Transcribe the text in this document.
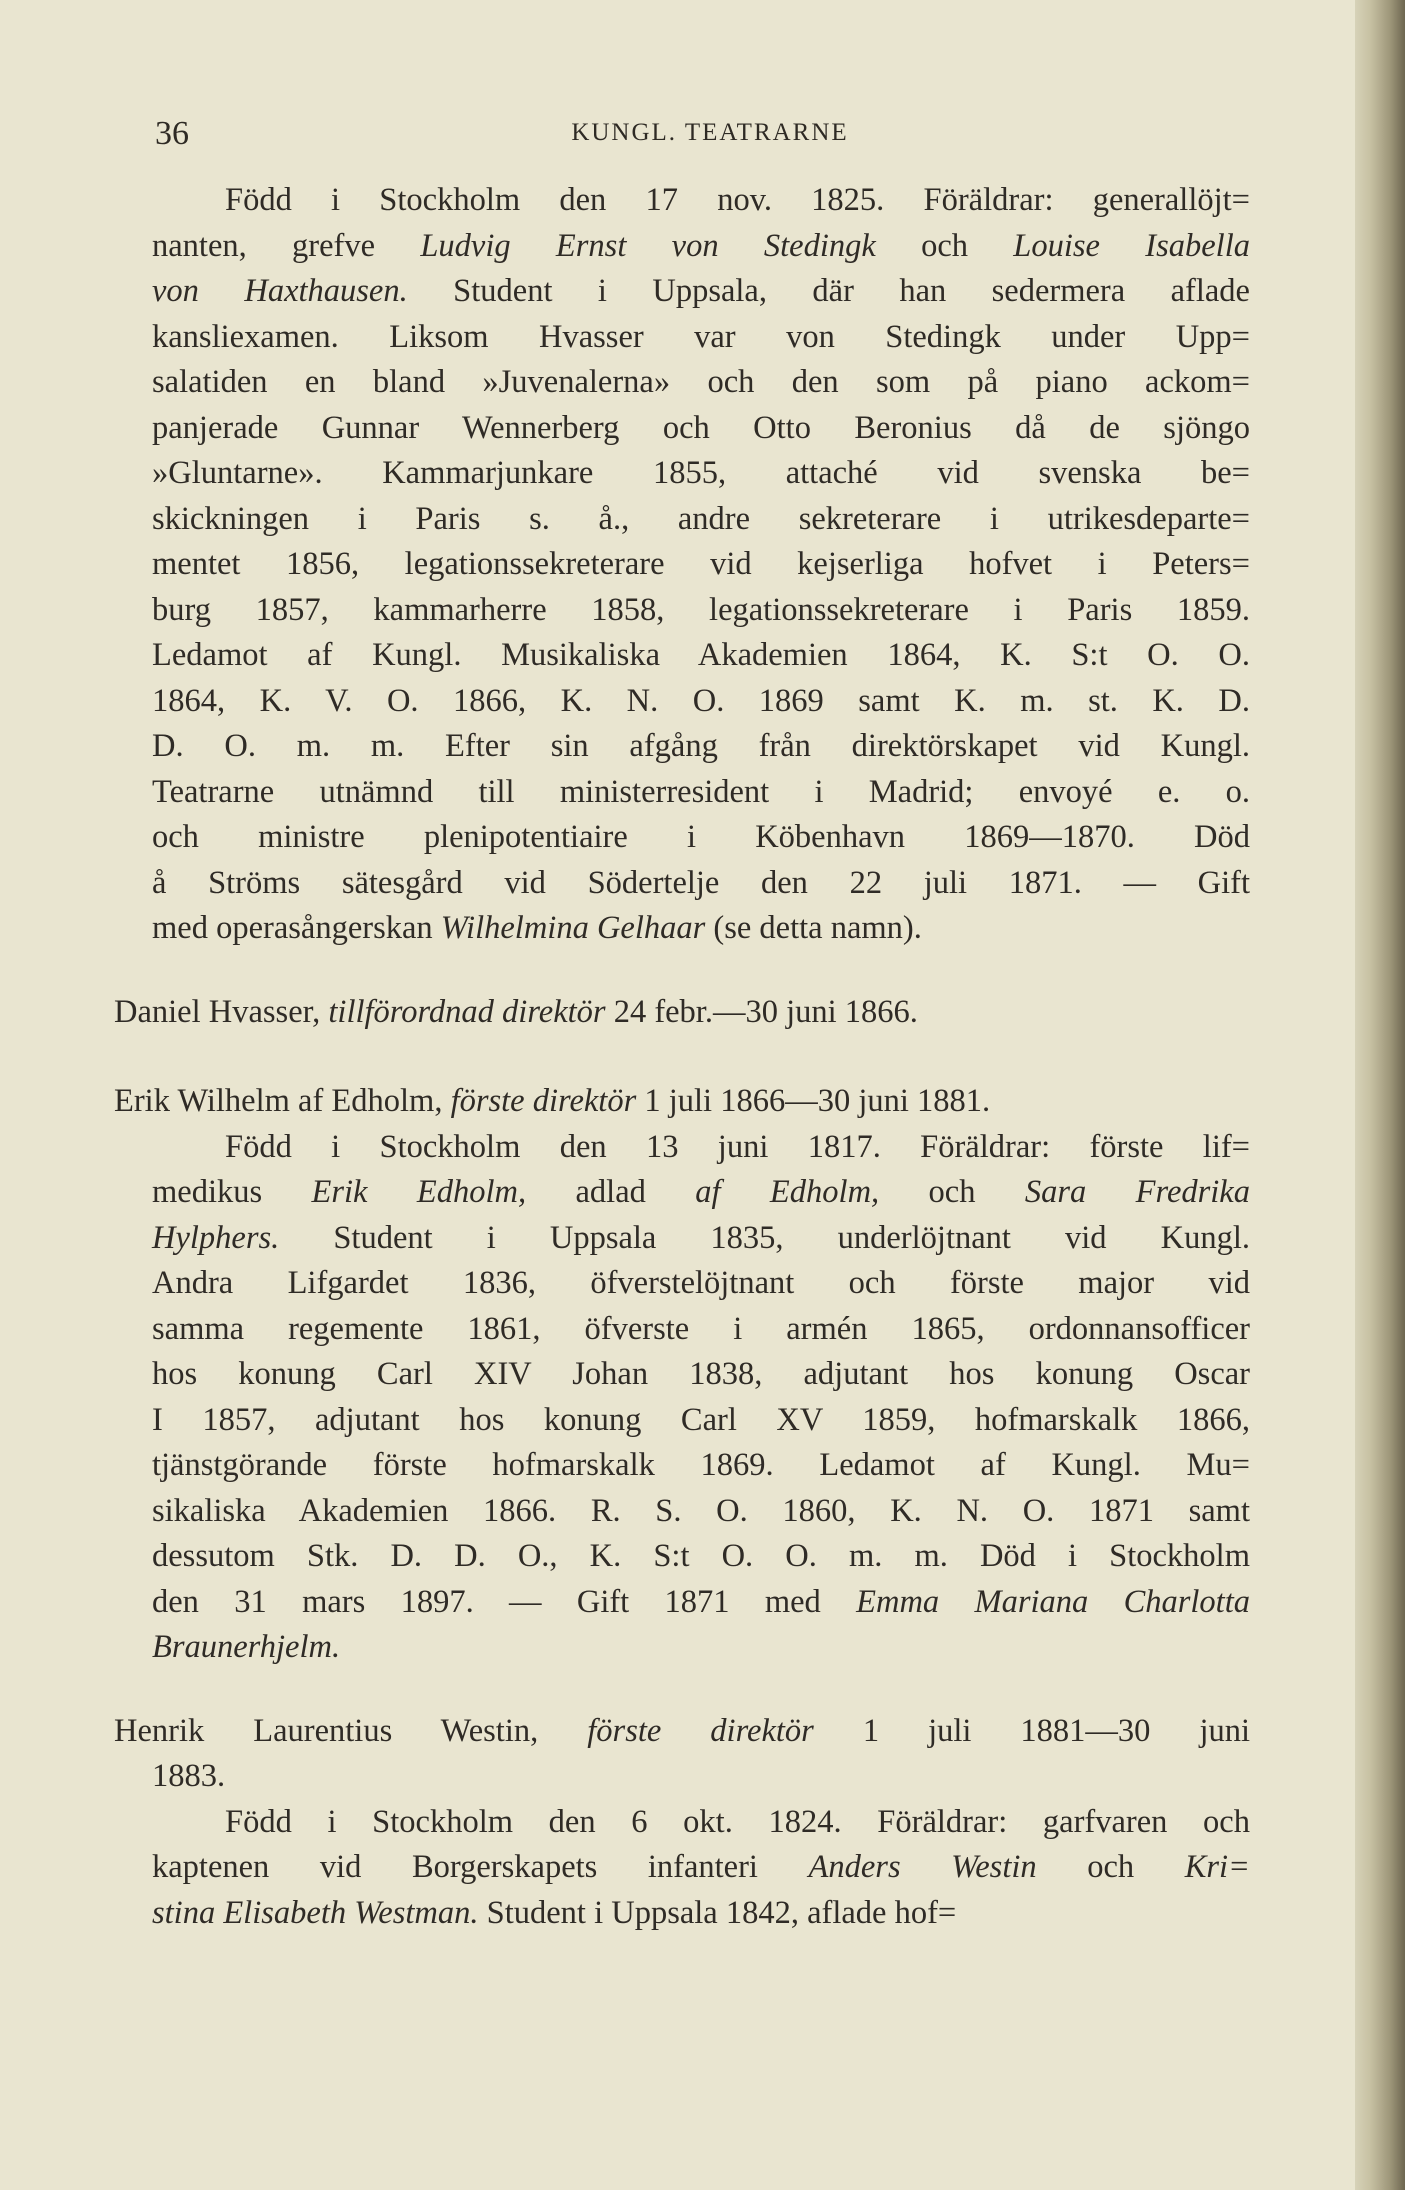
36	KUNGL. TEATRARNE
Född i Stockholm den 17 nov. 1825. Föräldrar: generallöjt=
nanten, grefve Ludvig Ernst von Stedingk och Louise Isabella
von Haxthausen. Student i Uppsala, där han sedermera aflade
kansliexamen. Liksom Hvasser var von Stedingk under Upp=
salatiden en bland »Juvenalerna» och den som på piano ackom=
panjerade Gunnar Wennerberg och Otto Beronius då de sjöngo
»Gluntarne». Kammarjunkare 1855, attaché vid svenska be=
skickningen i Paris s. å., andre sekreterare i utrikesdeparte=
mentet 1856, legationssekreterare vid kejserliga hofvet i Peters=
burg 1857, kammarherre 1858, legationssekreterare i Paris 1859.
Ledamot af Kungl. Musikaliska Akademien 1864, K. S:t O. O.
1864, K. V. O. 1866, K. N. O. 1869 samt K. m. st. K. D.
D. O. m. m. Efter sin afgång från direktörskapet vid Kungl.
Teatrarne utnämnd till ministerresident i Madrid; envoyé e. o.
och ministre plenipotentiaire i Köbenhavn 1869—1870. Död
å Ströms sätesgård vid Södertelje den 22 juli 1871. — Gift
med operasångerskan Wilhelmina Gelhaar (se detta namn).
Daniel Hvasser, tillförordnad direktör 24 febr.—30 juni 1866.
Erik Wilhelm af Edholm, förste direktör 1 juli 1866—30 juni 1881.
Född i Stockholm den 13 juni 1817. Föräldrar: förste lif=
medikus Erik Edholm, adlad af Edholm, och Sara Fredrika
Hylphers. Student i Uppsala 1835, underlöjtnant vid Kungl.
Andra Lifgardet 1836, öfverstelöjtnant och förste major vid
samma regemente 1861, öfverste i armén 1865, ordonnansofficer
hos konung Carl XIV Johan 1838, adjutant hos konung Oscar
I 1857, adjutant hos konung Carl XV 1859, hofmarskalk 1866,
tjänstgörande förste hofmarskalk 1869. Ledamot af Kungl. Mu=
sikaliska Akademien 1866. R. S. O. 1860, K. N. O. 1871 samt
dessutom Stk. D. D. O., K. S:t O. O. m. m. Död i Stockholm
den 31 mars 1897. — Gift 1871 med Emma Mariana Charlotta
Braunerhjelm.
Henrik Laurentius Westin, förste direktör 1 juli 1881—30 juni
1883.
Född i Stockholm den 6 okt. 1824. Föräldrar: garfvaren och
kaptenen vid Borgerskapets infanteri Anders Westin och Kri=
stina Elisabeth Westman. Student i Uppsala 1842, aflade hof=
